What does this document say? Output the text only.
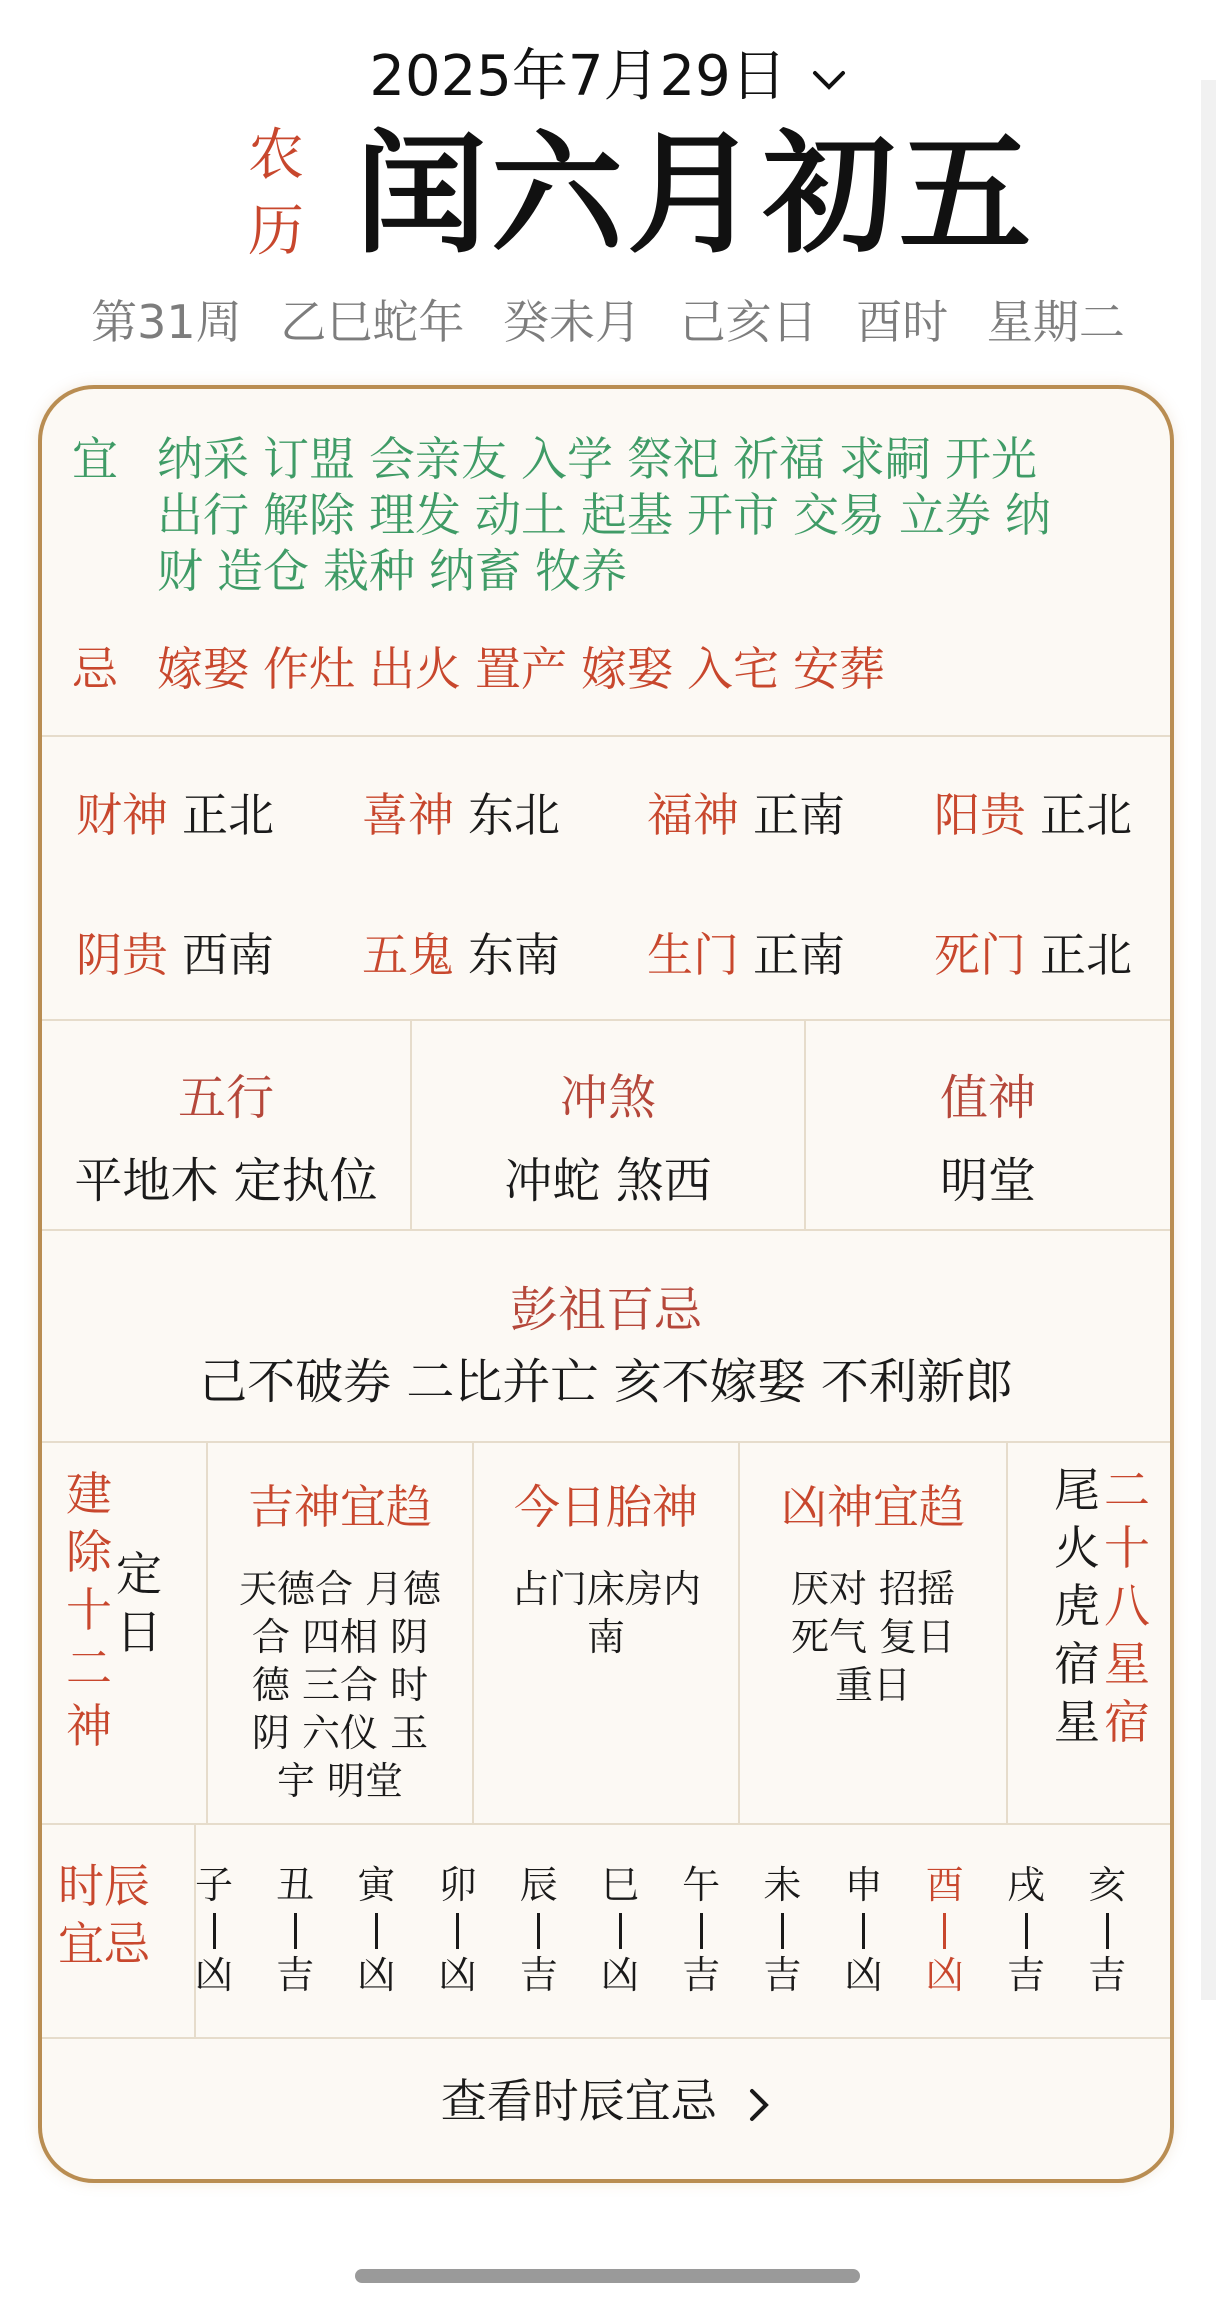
2025年7月29日
农
历 闰六月初五
第31周 乙巳蛇年 癸未月 己亥日 酉时 星期二
宜 纳采 订盟 会亲友 入学 祭祀 祈福 求嗣 开光
出行 解除 理发 动土 起基 开市 交易 立券 纳
财 造仓 栽种 纳畜 牧养
忌 嫁娶 作灶 出火 置产 嫁娶 入宅 安葬
财神 正北 喜神 东北 福神 正南 阳贵 正北
阴贵 西南 五鬼 东南 生门 正南 死门 正北
五行
平地木 定执位
冲煞
冲蛇 煞西
值神
明堂
彭祖百忌
己不破券 二比并亡 亥不嫁娶 不利新郎
建
除
十
二
神
定
日
吉神宜趋
天德合 月德
合 四相 阴
德 三合 时
阴 六仪 玉
宇 明堂
今日胎神
占门床房内
南
凶神宜趋
厌对 招摇
死气 复日
重日
尾
火
虎
宿
星
二
十
八
星
宿
时辰
宜忌
子
凶
丑
吉
寅
凶
卯
凶
辰
吉
巳
凶
午
吉
未
吉
申
凶
酉
凶
戌
吉
亥
吉
查看时辰宜忌
